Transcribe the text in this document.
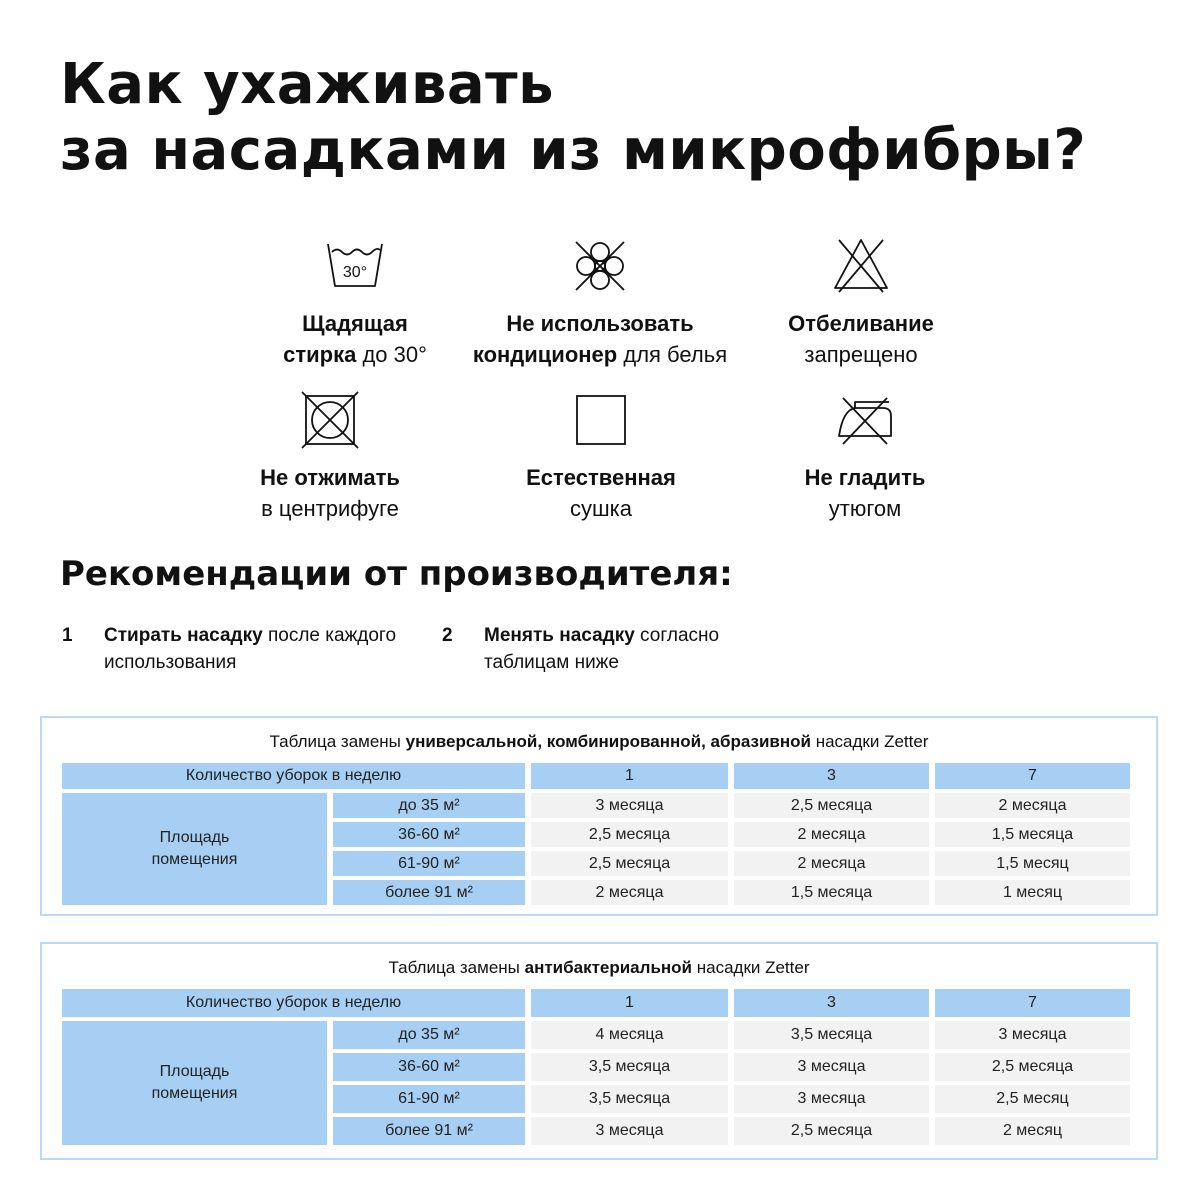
Как ухаживать
за насадками из микрофибры?
30°
Щадящая
стирка до 30°
Не использовать
кондиционер для белья
Отбеливание
запрещено
Не отжимать
в центрифуге
Естественная
сушка
Не гладить
утюгом
Рекомендации от производителя:
1 Стирать насадку после каждого использования
2 Менять насадку согласно таблицам ниже
Таблица замены универсальной, комбинированной, абразивной насадки Zetter
Количество уборок в неделю	1	3	7
Площадь помещения
до 35 м²	3 месяца	2,5 месяца	2 месяца
36-60 м²	2,5 месяца	2 месяца	1,5 месяца
61-90 м²	2,5 месяца	2 месяца	1,5 месяц
более 91 м²	2 месяца	1,5 месяца	1 месяц
Таблица замены антибактериальной насадки Zetter
Количество уборок в неделю	1	3	7
Площадь помещения
до 35 м²	4 месяца	3,5 месяца	3 месяца
36-60 м²	3,5 месяца	3 месяца	2,5 месяца
61-90 м²	3,5 месяца	3 месяца	2,5 месяц
более 91 м²	3 месяца	2,5 месяца	2 месяц
